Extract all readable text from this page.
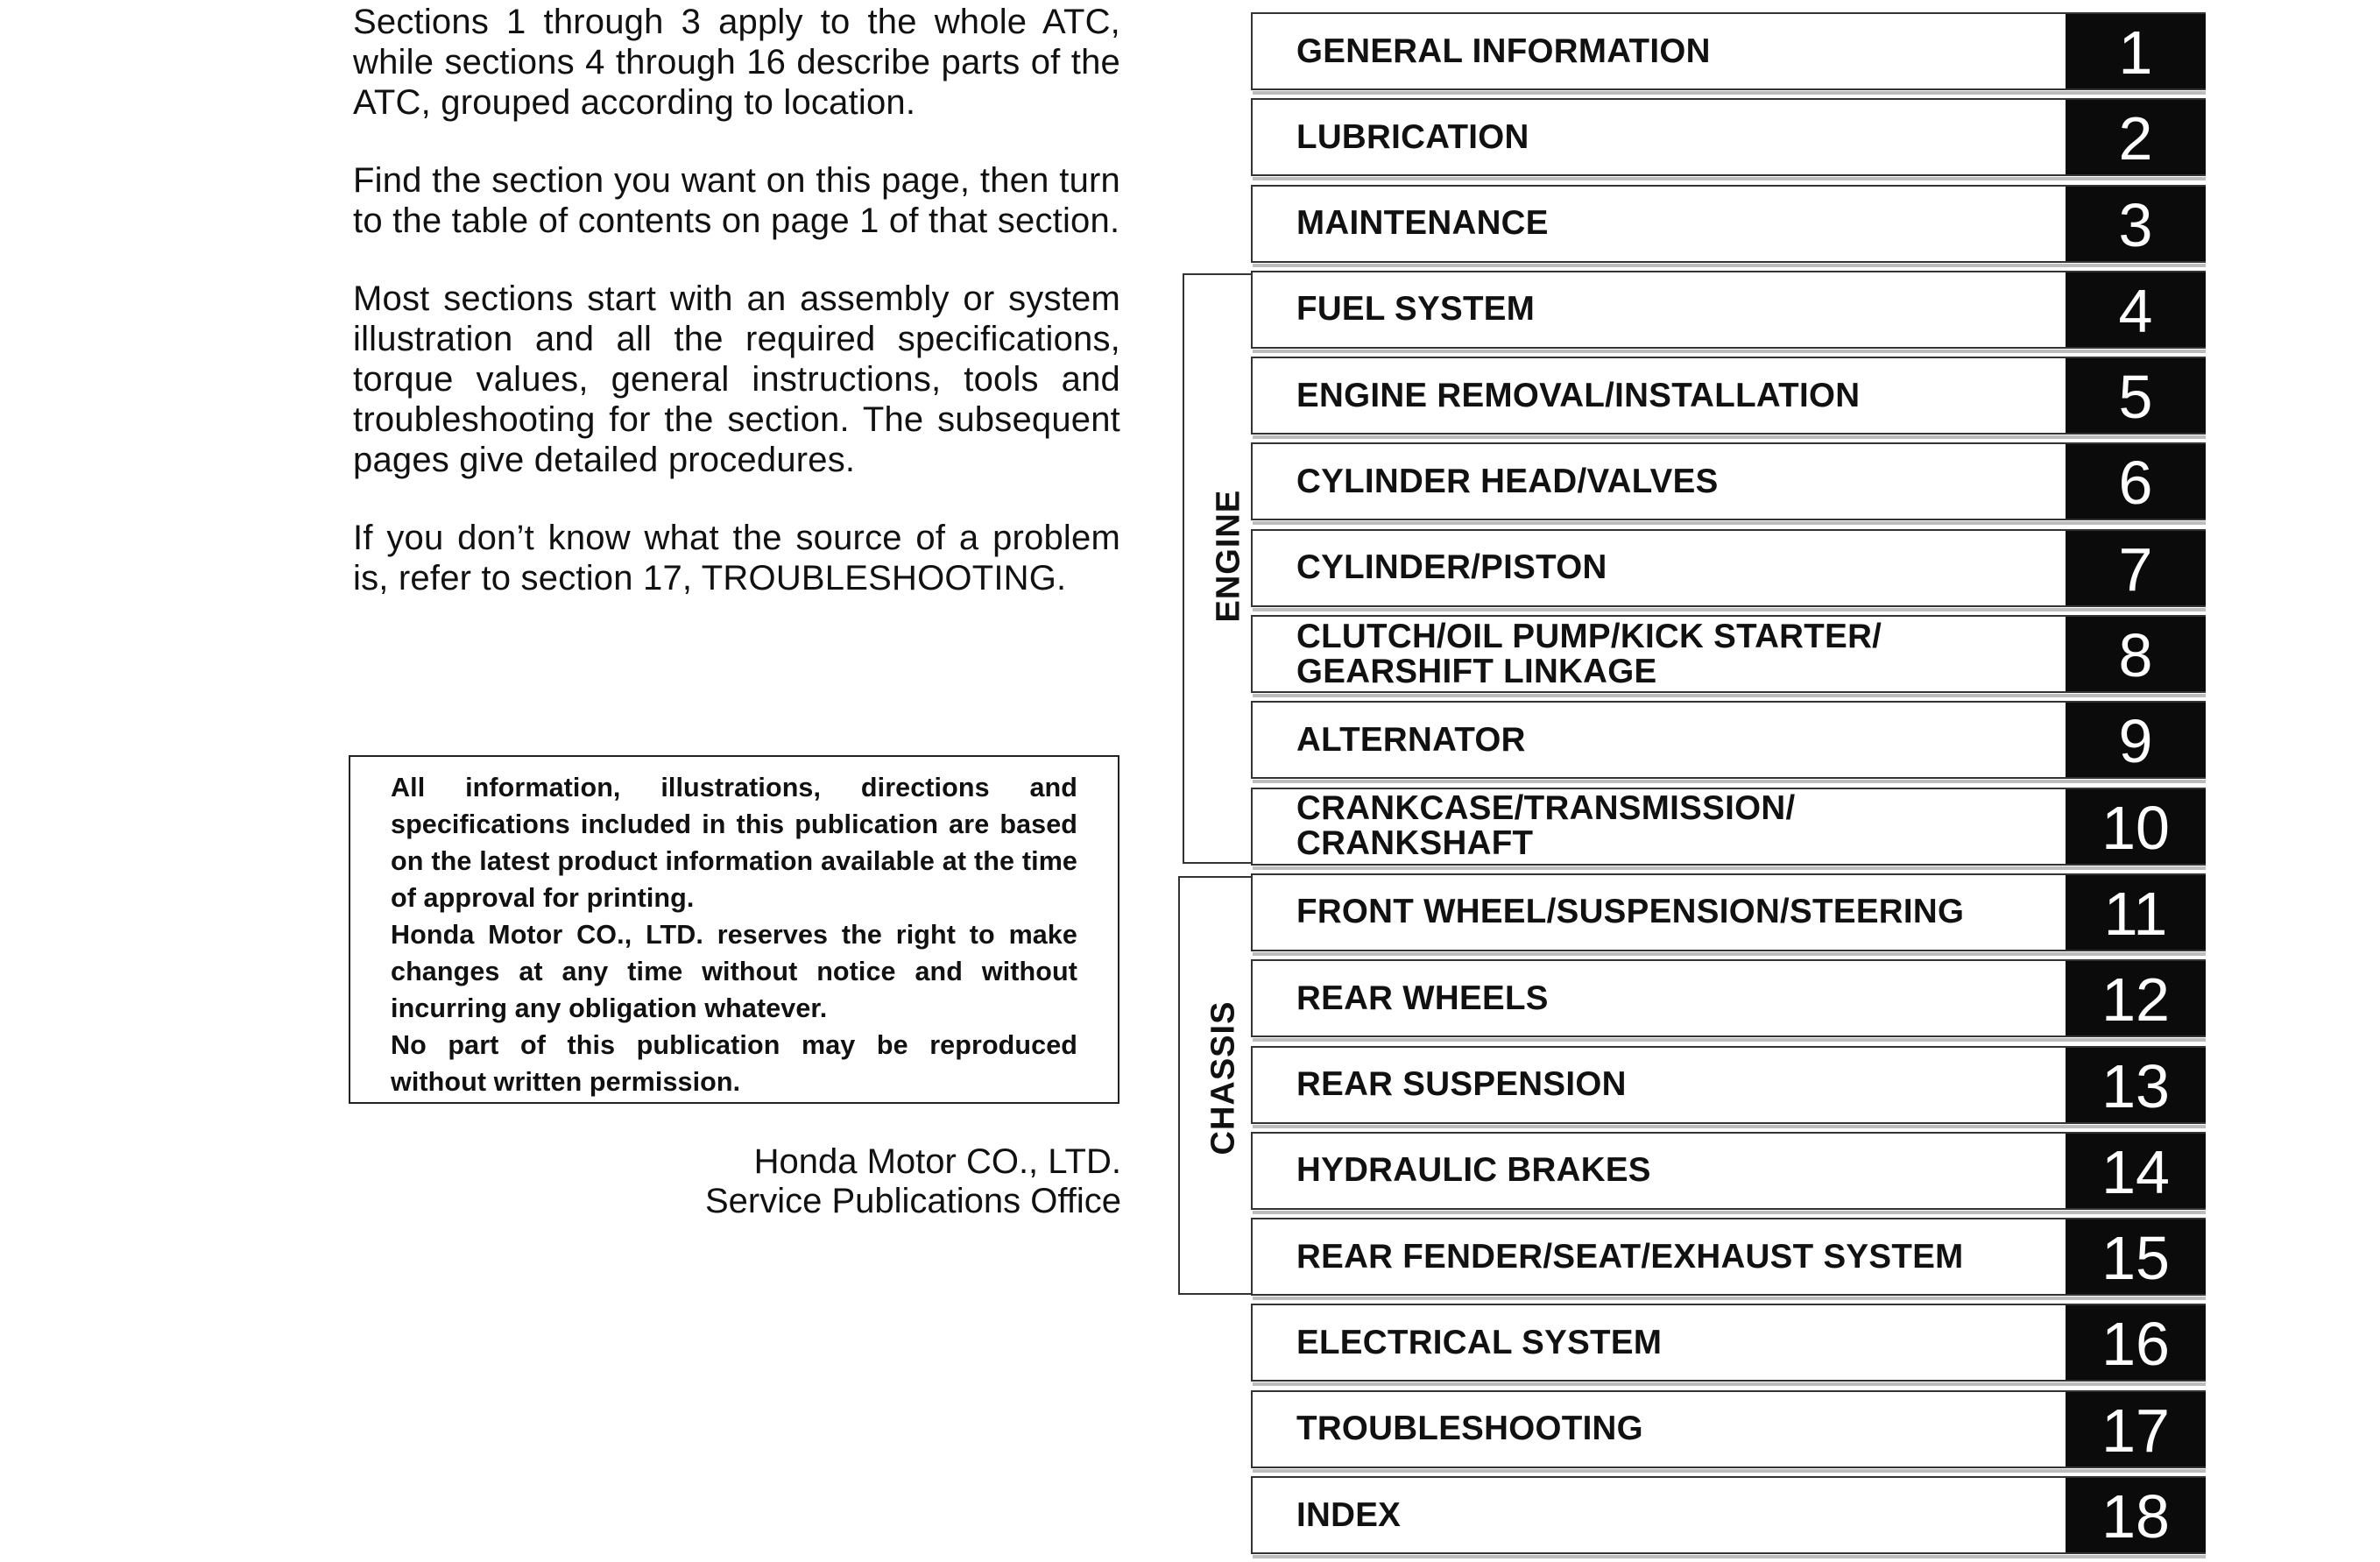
Sections 1 through 3 apply to the whole ATC, while sections 4 through 16 describe parts of the ATC, grouped according to location.

Find the section you want on this page, then turn to the table of contents on page 1 of that section.

Most sections start with an assembly or system illustration and all the required specifications, torque values, general instructions, tools and troubleshooting for the section. The subsequent pages give detailed procedures.

If you don’t know what the source of a problem is, refer to section 17, TROUBLESHOOTING.

All information, illustrations, directions and specifications included in this publication are based on the latest product information available at the time of approval for printing.

Honda Motor CO., LTD. reserves the right to make changes at any time without notice and without incurring any obligation whatever.

No part of this publication may be reproduced without written permission.

Honda Motor CO., LTD.
Service Publications Office
ENGINE
CHASSIS
GENERAL INFORMATION	1
LUBRICATION	2
MAINTENANCE	3
FUEL SYSTEM	4
ENGINE REMOVAL/INSTALLATION	5
CYLINDER HEAD/VALVES	6
CYLINDER/PISTON	7
CLUTCH/OIL PUMP/KICK STARTER/
GEARSHIFT LINKAGE	8
ALTERNATOR	9
CRANKCASE/TRANSMISSION/
CRANKSHAFT	10
FRONT WHEEL/SUSPENSION/STEERING	11
REAR WHEELS	12
REAR SUSPENSION	13
HYDRAULIC BRAKES	14
REAR FENDER/SEAT/EXHAUST SYSTEM	15
ELECTRICAL SYSTEM	16
TROUBLESHOOTING	17
INDEX	18
